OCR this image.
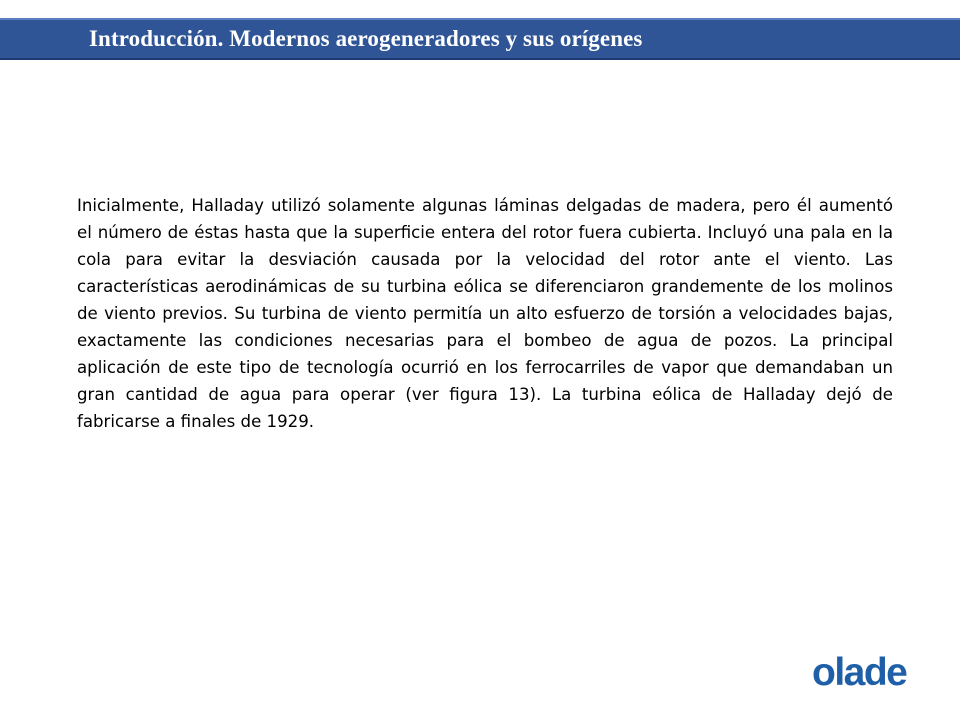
Introducción. Modernos aerogeneradores y sus orígenes

Inicialmente, Halladay utilizó solamente algunas láminas delgadas de madera, pero él aumentó el número de éstas hasta que la superficie entera del rotor fuera cubierta. Incluyó una pala en la cola para evitar la desviación causada por la velocidad del rotor ante el viento. Las características aerodinámicas de su turbina eólica se diferenciaron grandemente de los molinos de viento previos. Su turbina de viento permitía un alto esfuerzo de torsión a velocidades bajas, exactamente las condiciones necesarias para el bombeo de agua de pozos. La principal aplicación de este tipo de tecnología ocurrió en los ferrocarriles de vapor que demandaban un gran cantidad de agua para operar (ver figura 13). La turbina eólica de Halladay dejó de fabricarse a finales de 1929.

olade
